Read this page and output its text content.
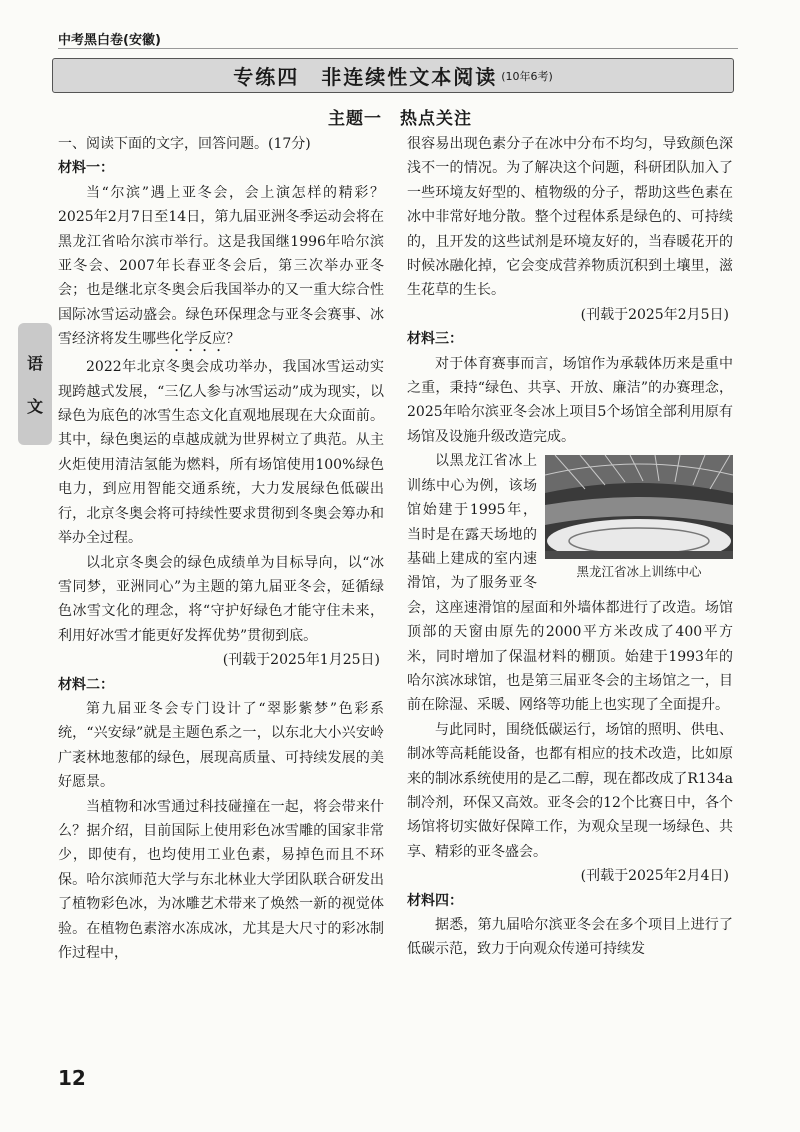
中考黑白卷(安徽)
专练四　非连续性文本阅读 (10年6考)
主题一　热点关注
语
文

一、阅读下面的文字，回答问题。(17分)

材料一：

当“尔滨”遇上亚冬会，会上演怎样的精彩？2025年2月7日至14日，第九届亚洲冬季运动会将在黑龙江省哈尔滨市举行。这是我国继1996年哈尔滨亚冬会、2007年长春亚冬会后，第三次举办亚冬会；也是继北京冬奥会后我国举办的又一重大综合性国际冰雪运动盛会。绿色环保理念与亚冬会赛事、冰雪经济将发生哪些化学反应？

2022年北京冬奥会成功举办，我国冰雪运动实现跨越式发展，“三亿人参与冰雪运动”成为现实，以绿色为底色的冰雪生态文化直观地展现在大众面前。其中，绿色奥运的卓越成就为世界树立了典范。从主火炬使用清洁氢能为燃料，所有场馆使用100%绿色电力，到应用智能交通系统，大力发展绿色低碳出行，北京冬奥会将可持续性要求贯彻到冬奥会筹办和举办全过程。

以北京冬奥会的绿色成绩单为目标导向，以“冰雪同梦，亚洲同心”为主题的第九届亚冬会，延循绿色冰雪文化的理念，将“守护好绿色才能守住未来，利用好冰雪才能更好发挥优势”贯彻到底。

(刊载于2025年1月25日)

材料二：

第九届亚冬会专门设计了“翠影紫梦”色彩系统，“兴安绿”就是主题色系之一，以东北大小兴安岭广袤林地葱郁的绿色，展现高质量、可持续发展的美好愿景。

当植物和冰雪通过科技碰撞在一起，将会带来什么？据介绍，目前国际上使用彩色冰雪雕的国家非常少，即使有，也均使用工业色素，易掉色而且不环保。哈尔滨师范大学与东北林业大学团队联合研发出了植物彩色冰，为冰雕艺术带来了焕然一新的视觉体验。在植物色素溶水冻成冰，尤其是大尺寸的彩冰制作过程中，

很容易出现色素分子在冰中分布不均匀，导致颜色深浅不一的情况。为了解决这个问题，科研团队加入了一些环境友好型的、植物级的分子，帮助这些色素在冰中非常好地分散。整个过程体系是绿色的、可持续的，且开发的这些试剂是环境友好的，当春暖花开的时候冰融化掉，它会变成营养物质沉积到土壤里，滋生花草的生长。

(刊载于2025年2月5日)

材料三：

对于体育赛事而言，场馆作为承载体历来是重中之重，秉持“绿色、共享、开放、廉洁”的办赛理念，2025年哈尔滨亚冬会冰上项目5个场馆全部利用原有场馆及设施升级改造完成。

黑龙江省冰上训练中心

以黑龙江省冰上训练中心为例，该场馆始建于1995年，当时是在露天场地的基础上建成的室内速滑馆，为了服务亚冬会，这座速滑馆的屋面和外墙体都进行了改造。场馆顶部的天窗由原先的2000平方米改成了400平方米，同时增加了保温材料的棚顶。始建于1993年的哈尔滨冰球馆，也是第三届亚冬会的主场馆之一，目前在除湿、采暖、网络等功能上也实现了全面提升。

与此同时，围绕低碳运行，场馆的照明、供电、制冰等高耗能设备，也都有相应的技术改造，比如原来的制冰系统使用的是乙二醇，现在都改成了R134a制冷剂，环保又高效。亚冬会的12个比赛日中，各个场馆将切实做好保障工作，为观众呈现一场绿色、共享、精彩的亚冬盛会。

(刊载于2025年2月4日)

材料四：

据悉，第九届哈尔滨亚冬会在多个项目上进行了低碳示范，致力于向观众传递可持续发

12
